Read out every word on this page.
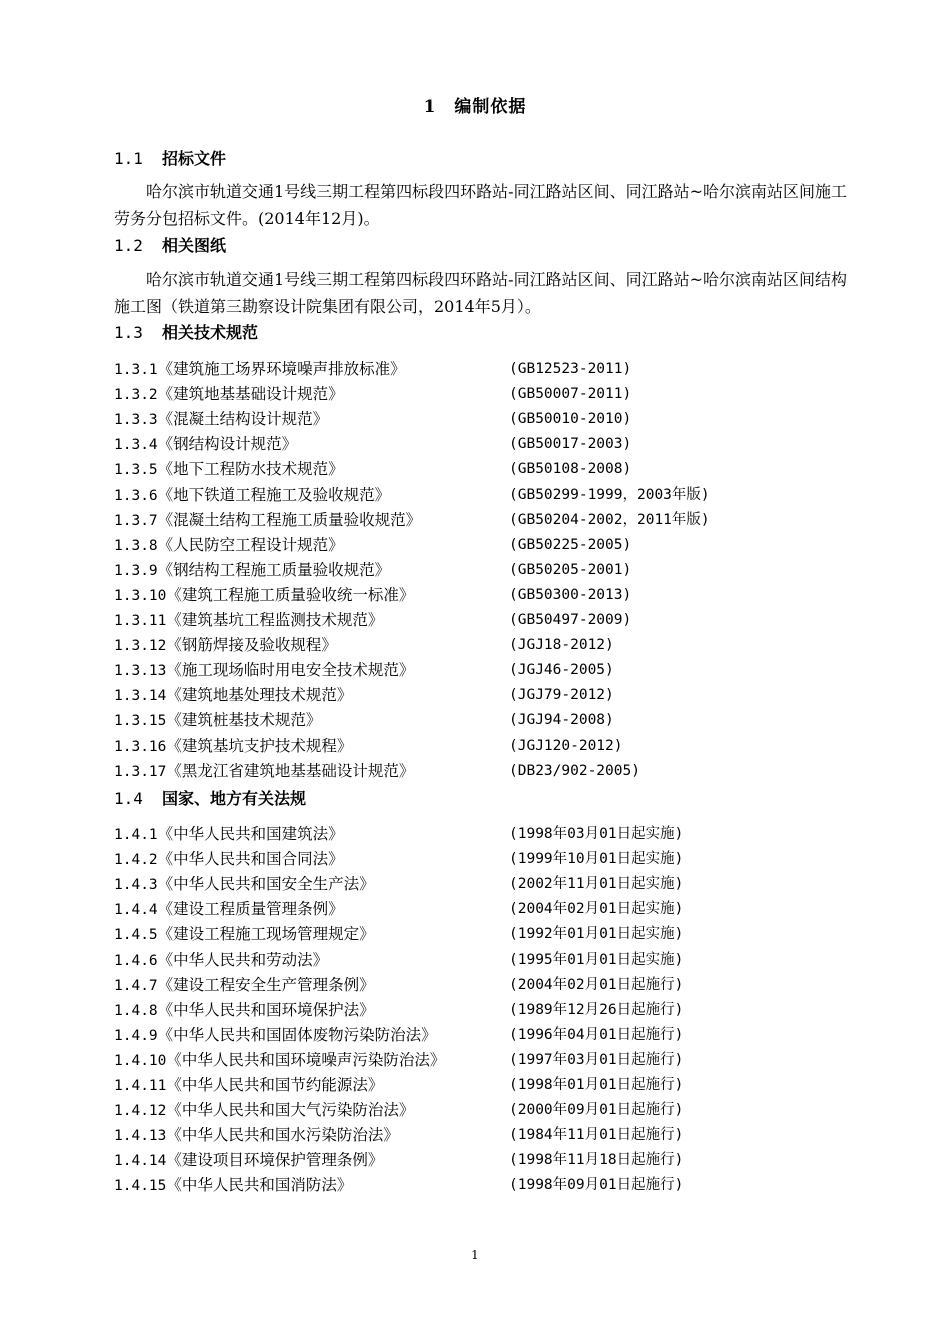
1　编制依据
1.1 招标文件
哈尔滨市轨道交通1号线三期工程第四标段四环路站-同江路站区间、同江路站~哈尔滨南站区间施工劳务分包招标文件。(2014年12月)。
1.2 相关图纸
哈尔滨市轨道交通1号线三期工程第四标段四环路站-同江路站区间、同江路站~哈尔滨南站区间结构施工图（铁道第三勘察设计院集团有限公司，2014年5月）。
1.3 相关技术规范
1.3.1《建筑施工场界环境噪声排放标准》	(GB12523-2011)
1.3.2《建筑地基基础设计规范》	(GB50007-2011)
1.3.3《混凝土结构设计规范》	(GB50010-2010)
1.3.4《钢结构设计规范》	(GB50017-2003)
1.3.5《地下工程防水技术规范》	(GB50108-2008)
1.3.6《地下铁道工程施工及验收规范》	(GB50299-1999，2003年版)
1.3.7《混凝土结构工程施工质量验收规范》	(GB50204-2002，2011年版)
1.3.8《人民防空工程设计规范》	(GB50225-2005)
1.3.9《钢结构工程施工质量验收规范》	(GB50205-2001)
1.3.10《建筑工程施工质量验收统一标准》	(GB50300-2013)
1.3.11《建筑基坑工程监测技术规范》	(GB50497-2009)
1.3.12《钢筋焊接及验收规程》	(JGJ18-2012)
1.3.13《施工现场临时用电安全技术规范》	(JGJ46-2005)
1.3.14《建筑地基处理技术规范》	(JGJ79-2012)
1.3.15《建筑桩基技术规范》	(JGJ94-2008)
1.3.16《建筑基坑支护技术规程》	(JGJ120-2012)
1.3.17《黑龙江省建筑地基基础设计规范》	(DB23/902-2005)
1.4 国家、地方有关法规
1.4.1《中华人民共和国建筑法》	(1998年03月01日起实施)
1.4.2《中华人民共和国合同法》	(1999年10月01日起实施)
1.4.3《中华人民共和国安全生产法》	(2002年11月01日起实施)
1.4.4《建设工程质量管理条例》	(2004年02月01日起实施)
1.4.5《建设工程施工现场管理规定》	(1992年01月01日起实施)
1.4.6《中华人民共和劳动法》	(1995年01月01日起实施)
1.4.7《建设工程安全生产管理条例》	(2004年02月01日起施行)
1.4.8《中华人民共和国环境保护法》	(1989年12月26日起施行)
1.4.9《中华人民共和国固体废物污染防治法》	(1996年04月01日起施行)
1.4.10《中华人民共和国环境噪声污染防治法》	(1997年03月01日起施行)
1.4.11《中华人民共和国节约能源法》	(1998年01月01日起施行)
1.4.12《中华人民共和国大气污染防治法》	(2000年09月01日起施行)
1.4.13《中华人民共和国水污染防治法》	(1984年11月01日起施行)
1.4.14《建设项目环境保护管理条例》	(1998年11月18日起施行)
1.4.15《中华人民共和国消防法》	(1998年09月01日起施行)
1
